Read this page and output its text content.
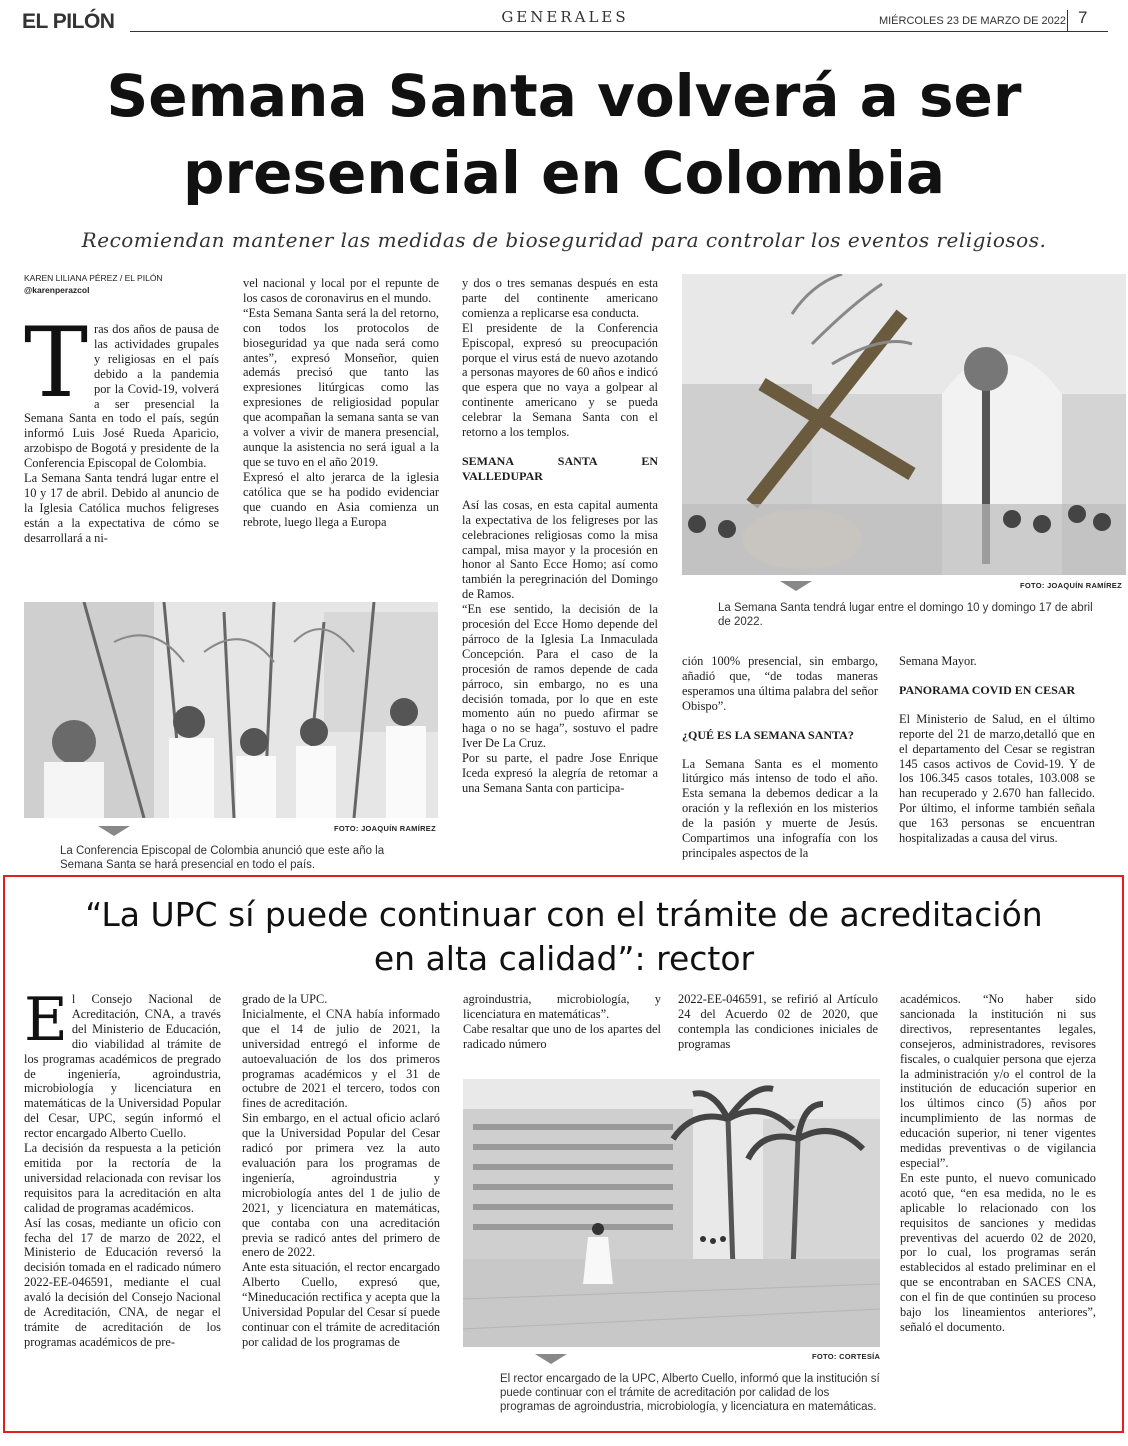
EL PILÓN
	GENERALES	MIÉRCOLES 23 DE MARZO DE 2022 7
Semana Santa volverá a ser
presencial en Colombia
Recomiendan mantener las medidas de bioseguridad para controlar los eventos religiosos.
KAREN LILIANA PÉREZ / EL PILÓN
@karenperazcol
T ras dos años de pausa de las actividades grupales y religiosas en el país debido a la pandemia por la Covid-19, volverá a ser presencial la Semana Santa en todo el país, según informó Luis José Rueda Aparicio, arzobispo de Bogotá y presidente de la Conferencia Episcopal de Colombia.

La Semana Santa tendrá lugar entre el 10 y 17 de abril. Debido al anuncio de la Iglesia Católica muchos feligreses están a la expectativa de cómo se desarrollará a ni-

vel nacional y local por el repunte de los casos de coronavirus en el mundo.

“Esta Semana Santa será la del retorno, con todos los protocolos de bioseguridad ya que nada será como antes”, expresó Monseñor, quien además precisó que tanto las expresiones litúrgicas como las expresiones de religiosidad popular que acompañan la semana santa se van a volver a vivir de manera presencial, aunque la asistencia no será igual a la que se tuvo en el año 2019.

Expresó el alto jerarca de la iglesia católica que se ha podido evidenciar que cuando en Asia comienza un rebrote, luego llega a Europa

y dos o tres semanas después en esta parte del continente americano comienza a replicarse esa conducta.

El presidente de la Conferencia Episcopal, expresó su preocupación porque el virus está de nuevo azotando a personas mayores de 60 años e indicó que espera que no vaya a golpear al continente americano y se pueda celebrar la Semana Santa con el retorno a los templos.

SEMANA SANTA EN VALLEDUPAR

Así las cosas, en esta capital aumenta la expectativa de los feligreses por las celebraciones religiosas como la misa campal, misa mayor y la procesión en honor al Santo Ecce Homo; así como también la peregrinación del Domingo de Ramos.

“En ese sentido, la decisión de la procesión del Ecce Homo depende del párroco de la Iglesia La Inmaculada Concepción. Para el caso de la procesión de ramos depende de cada párroco, sin embargo, no es una decisión tomada, por lo que en este momento aún no puedo afirmar se haga o no se haga”, sostuvo el padre Iver De La Cruz.

Por su parte, el padre Jose Enrique Iceda expresó la alegría de retomar a una Semana Santa con participa-

ción 100% presencial, sin embargo, añadió que, “de todas maneras esperamos una última palabra del señor Obispo”.

¿QUÉ ES LA SEMANA SANTA?

La Semana Santa es el momento litúrgico más intenso de todo el año. Esta semana la debemos dedicar a la oración y la reflexión en los misterios de la pasión y muerte de Jesús. Compartimos una infografía con los principales aspectos de la

Semana Mayor.

PANORAMA COVID EN CESAR

El Ministerio de Salud, en el último reporte del 21 de marzo,detalló que en el departamento del Cesar se registran 145 casos activos de Covid-19. Y de los 106.345 casos totales, 103.008 se han recuperado y 2.670 han fallecido. Por último, el informe también señala que 163 personas se encuentran hospitalizadas a causa del virus.

FOTO: JOAQUÍN RAMÍREZ
La Semana Santa tendrá lugar entre el domingo 10 y domingo 17 de abril de 2022.
FOTO: JOAQUÍN RAMÍREZ
La Conferencia Episcopal de Colombia anunció que este año la Semana Santa se hará presencial en todo el país.
“La UPC sí puede continuar con el trámite de acreditación
en alta calidad”: rector
E l Consejo Nacional de Acreditación, CNA, a través del Ministerio de Educación, dio viabilidad al trámite de los programas académicos de pregrado de ingeniería, agroindustria, microbiología y licenciatura en matemáticas de la Universidad Popular del Cesar, UPC, según informó el rector encargado Alberto Cuello.

La decisión da respuesta a la petición emitida por la rectoría de la universidad relacionada con revisar los requisitos para la acreditación en alta calidad de programas académicos.

Así las cosas, mediante un oficio con fecha del 17 de marzo de 2022, el Ministerio de Educación reversó la decisión tomada en el radicado número 2022-EE-046591, mediante el cual avaló la decisión del Consejo Nacional de Acreditación, CNA, de negar el trámite de acreditación de los programas académicos de pre-

grado de la UPC.

Inicialmente, el CNA había informado que el 14 de julio de 2021, la universidad entregó el informe de autoevaluación de los dos primeros programas académicos y el 31 de octubre de 2021 el tercero, todos con fines de acreditación.

Sin embargo, en el actual oficio aclaró que la Universidad Popular del Cesar radicó por primera vez la auto evaluación para los programas de ingeniería, agroindustria y microbiología antes del 1 de julio de 2021, y licenciatura en matemáticas, que contaba con una acreditación previa se radicó antes del primero de enero de 2022.

Ante esta situación, el rector encargado Alberto Cuello, expresó que, “Mineducación rectifica y acepta que la Universidad Popular del Cesar sí puede continuar con el trámite de acreditación por calidad de los programas de

agroindustria, microbiología, y licenciatura en matemáticas”.

Cabe resaltar que uno de los apartes del radicado número

2022-EE-046591, se refirió al Artículo 24 del Acuerdo 02 de 2020, que contempla las condiciones iniciales de programas

académicos. “No haber sido sancionada la institución ni sus directivos, representantes legales, consejeros, administradores, revisores fiscales, o cualquier persona que ejerza la administración y/o el control de la institución de educación superior en los últimos cinco (5) años por incumplimiento de las normas de educación superior, ni tener vigentes medidas preventivas o de vigilancia especial”.

En este punto, el nuevo comunicado acotó que, “en esa medida, no le es aplicable lo relacionado con los requisitos de sanciones y medidas preventivas del acuerdo 02 de 2020, por lo cual, los programas serán establecidos al estado preliminar en el que se encontraban en SACES CNA, con el fin de que continúen su proceso bajo los lineamientos anteriores”, señaló el documento.

FOTO: CORTESÍA
El rector encargado de la UPC, Alberto Cuello, informó que la institución sí puede continuar con el trámite de acreditación por calidad de los programas de agroindustria, microbiología, y licenciatura en matemáticas.
